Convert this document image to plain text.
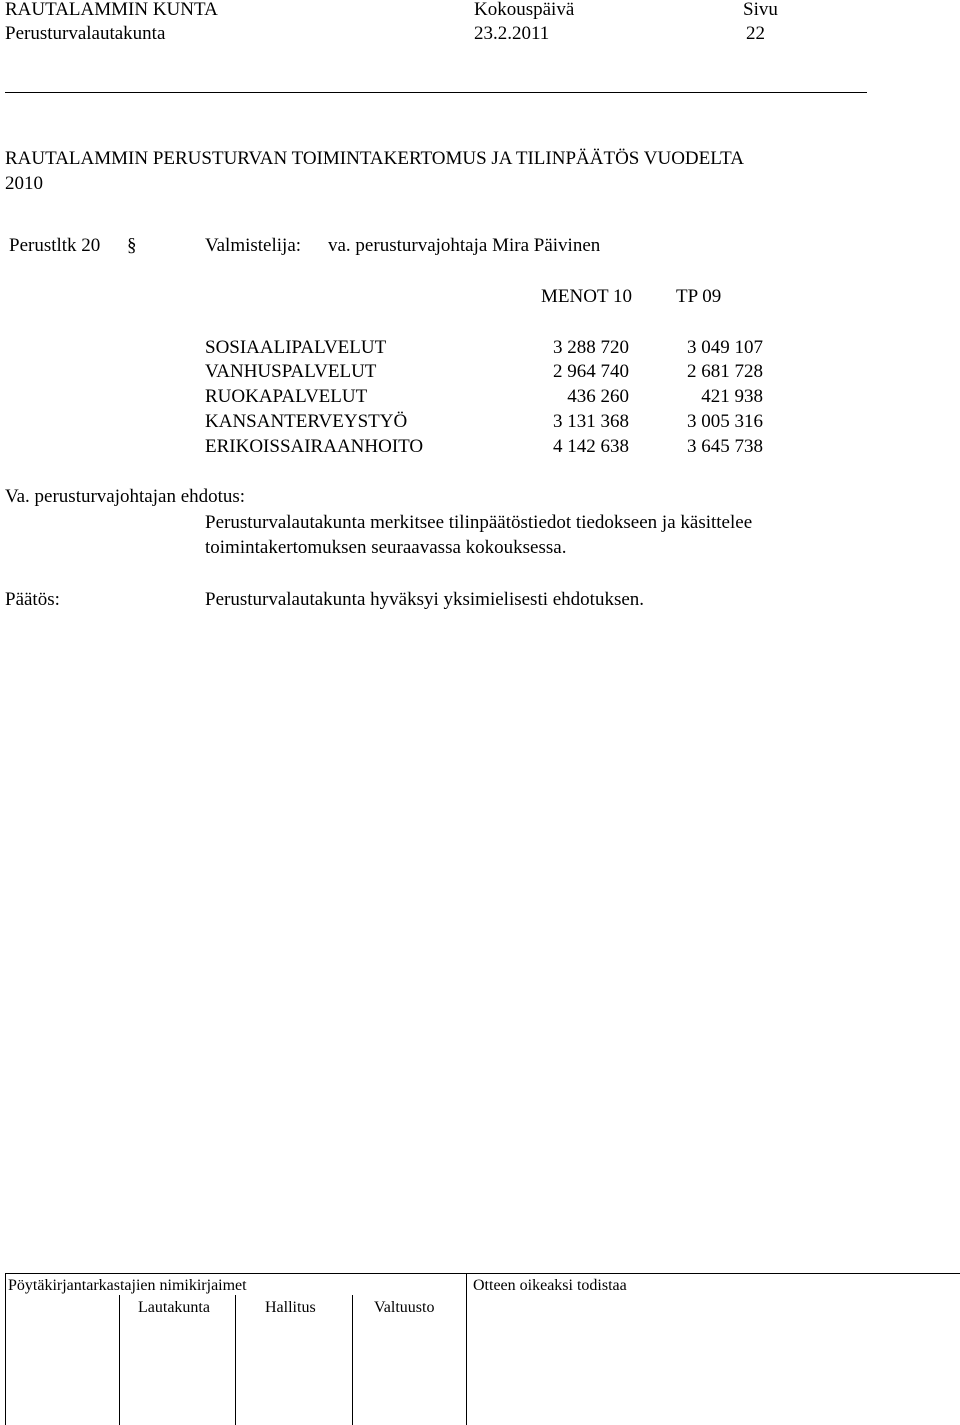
RAUTALAMMIN KUNTA
Perusturvalautakunta
Kokouspäivä
23.2.2011
Sivu
22
RAUTALAMMIN PERUSTURVAN TOIMINTAKERTOMUS JA TILINPÄÄTÖS VUODELTA
2010
Perustltk 20 §	Valmistelija: va. perusturvajohtaja Mira Päivinen
MENOT 10 TP 09
SOSIAALIPALVELUT	3 288 720	3 049 107
VANHUSPALVELUT	2 964 740	2 681 728
RUOKAPALVELUT	436 260	421 938
KANSANTERVEYSTYÖ	3 131 368	3 005 316
ERIKOISSAIRAANHOITO	4 142 638	3 645 738
Va. perusturvajohtajan ehdotus:
Perusturvalautakunta merkitsee tilinpäätöstiedot tiedokseen ja käsittelee
toimintakertomuksen seuraavassa kokouksessa.
Päätös:	Perusturvalautakunta hyväksyi yksimielisesti ehdotuksen.
Pöytäkirjantarkastajien nimikirjaimet	Otteen oikeaksi todistaa
Lautakunta	Hallitus	Valtuusto
